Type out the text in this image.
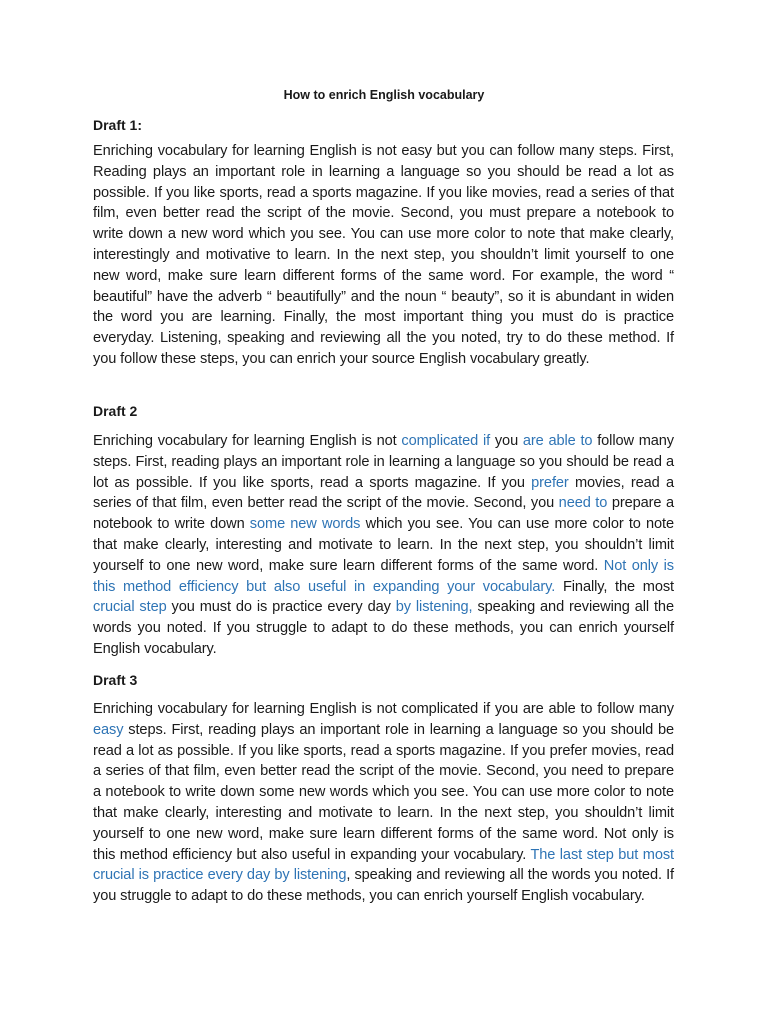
How to enrich English vocabulary
Draft 1:
Enriching vocabulary for learning English is not easy but you can follow many steps. First, Reading plays an important role in learning a language so you should be read a lot as possible. If you like sports, read a sports magazine. If you like movies, read a series of that film, even better read the script of the movie. Second, you must prepare a notebook to write down a new word which you see. You can use more color to note that make clearly, interestingly and motivative to learn. In the next step, you shouldn’t limit yourself to one new word, make sure learn different forms of the same word. For example, the word “ beautiful” have the adverb “ beautifully” and the noun “ beauty”, so it is abundant in widen the word you are learning. Finally, the most important thing you must do is practice everyday. Listening, speaking and reviewing all the you noted, try to do these method. If you follow these steps, you can enrich your source English vocabulary greatly.
Draft 2
Enriching vocabulary for learning English is not complicated if you are able to follow many steps. First, reading plays an important role in learning a language so you should be read a lot as possible. If you like sports, read a sports magazine. If you prefer movies, read a series of that film, even better read the script of the movie. Second, you need to prepare a notebook to write down some new words which you see. You can use more color to note that make clearly, interesting and motivate to learn. In the next step, you shouldn’t limit yourself to one new word, make sure learn different forms of the same word. Not only is this method efficiency but also useful in expanding your vocabulary. Finally, the most crucial step you must do is practice every day by listening, speaking and reviewing all the words you noted. If you struggle to adapt to do these methods, you can enrich yourself English vocabulary.
Draft 3
Enriching vocabulary for learning English is not complicated if you are able to follow many easy steps. First, reading plays an important role in learning a language so you should be read a lot as possible. If you like sports, read a sports magazine. If you prefer movies, read a series of that film, even better read the script of the movie. Second, you need to prepare a notebook to write down some new words which you see. You can use more color to note that make clearly, interesting and motivate to learn. In the next step, you shouldn’t limit yourself to one new word, make sure learn different forms of the same word. Not only is this method efficiency but also useful in expanding your vocabulary. The last step but most crucial is practice every day by listening, speaking and reviewing all the words you noted. If you struggle to adapt to do these methods, you can enrich yourself English vocabulary.
